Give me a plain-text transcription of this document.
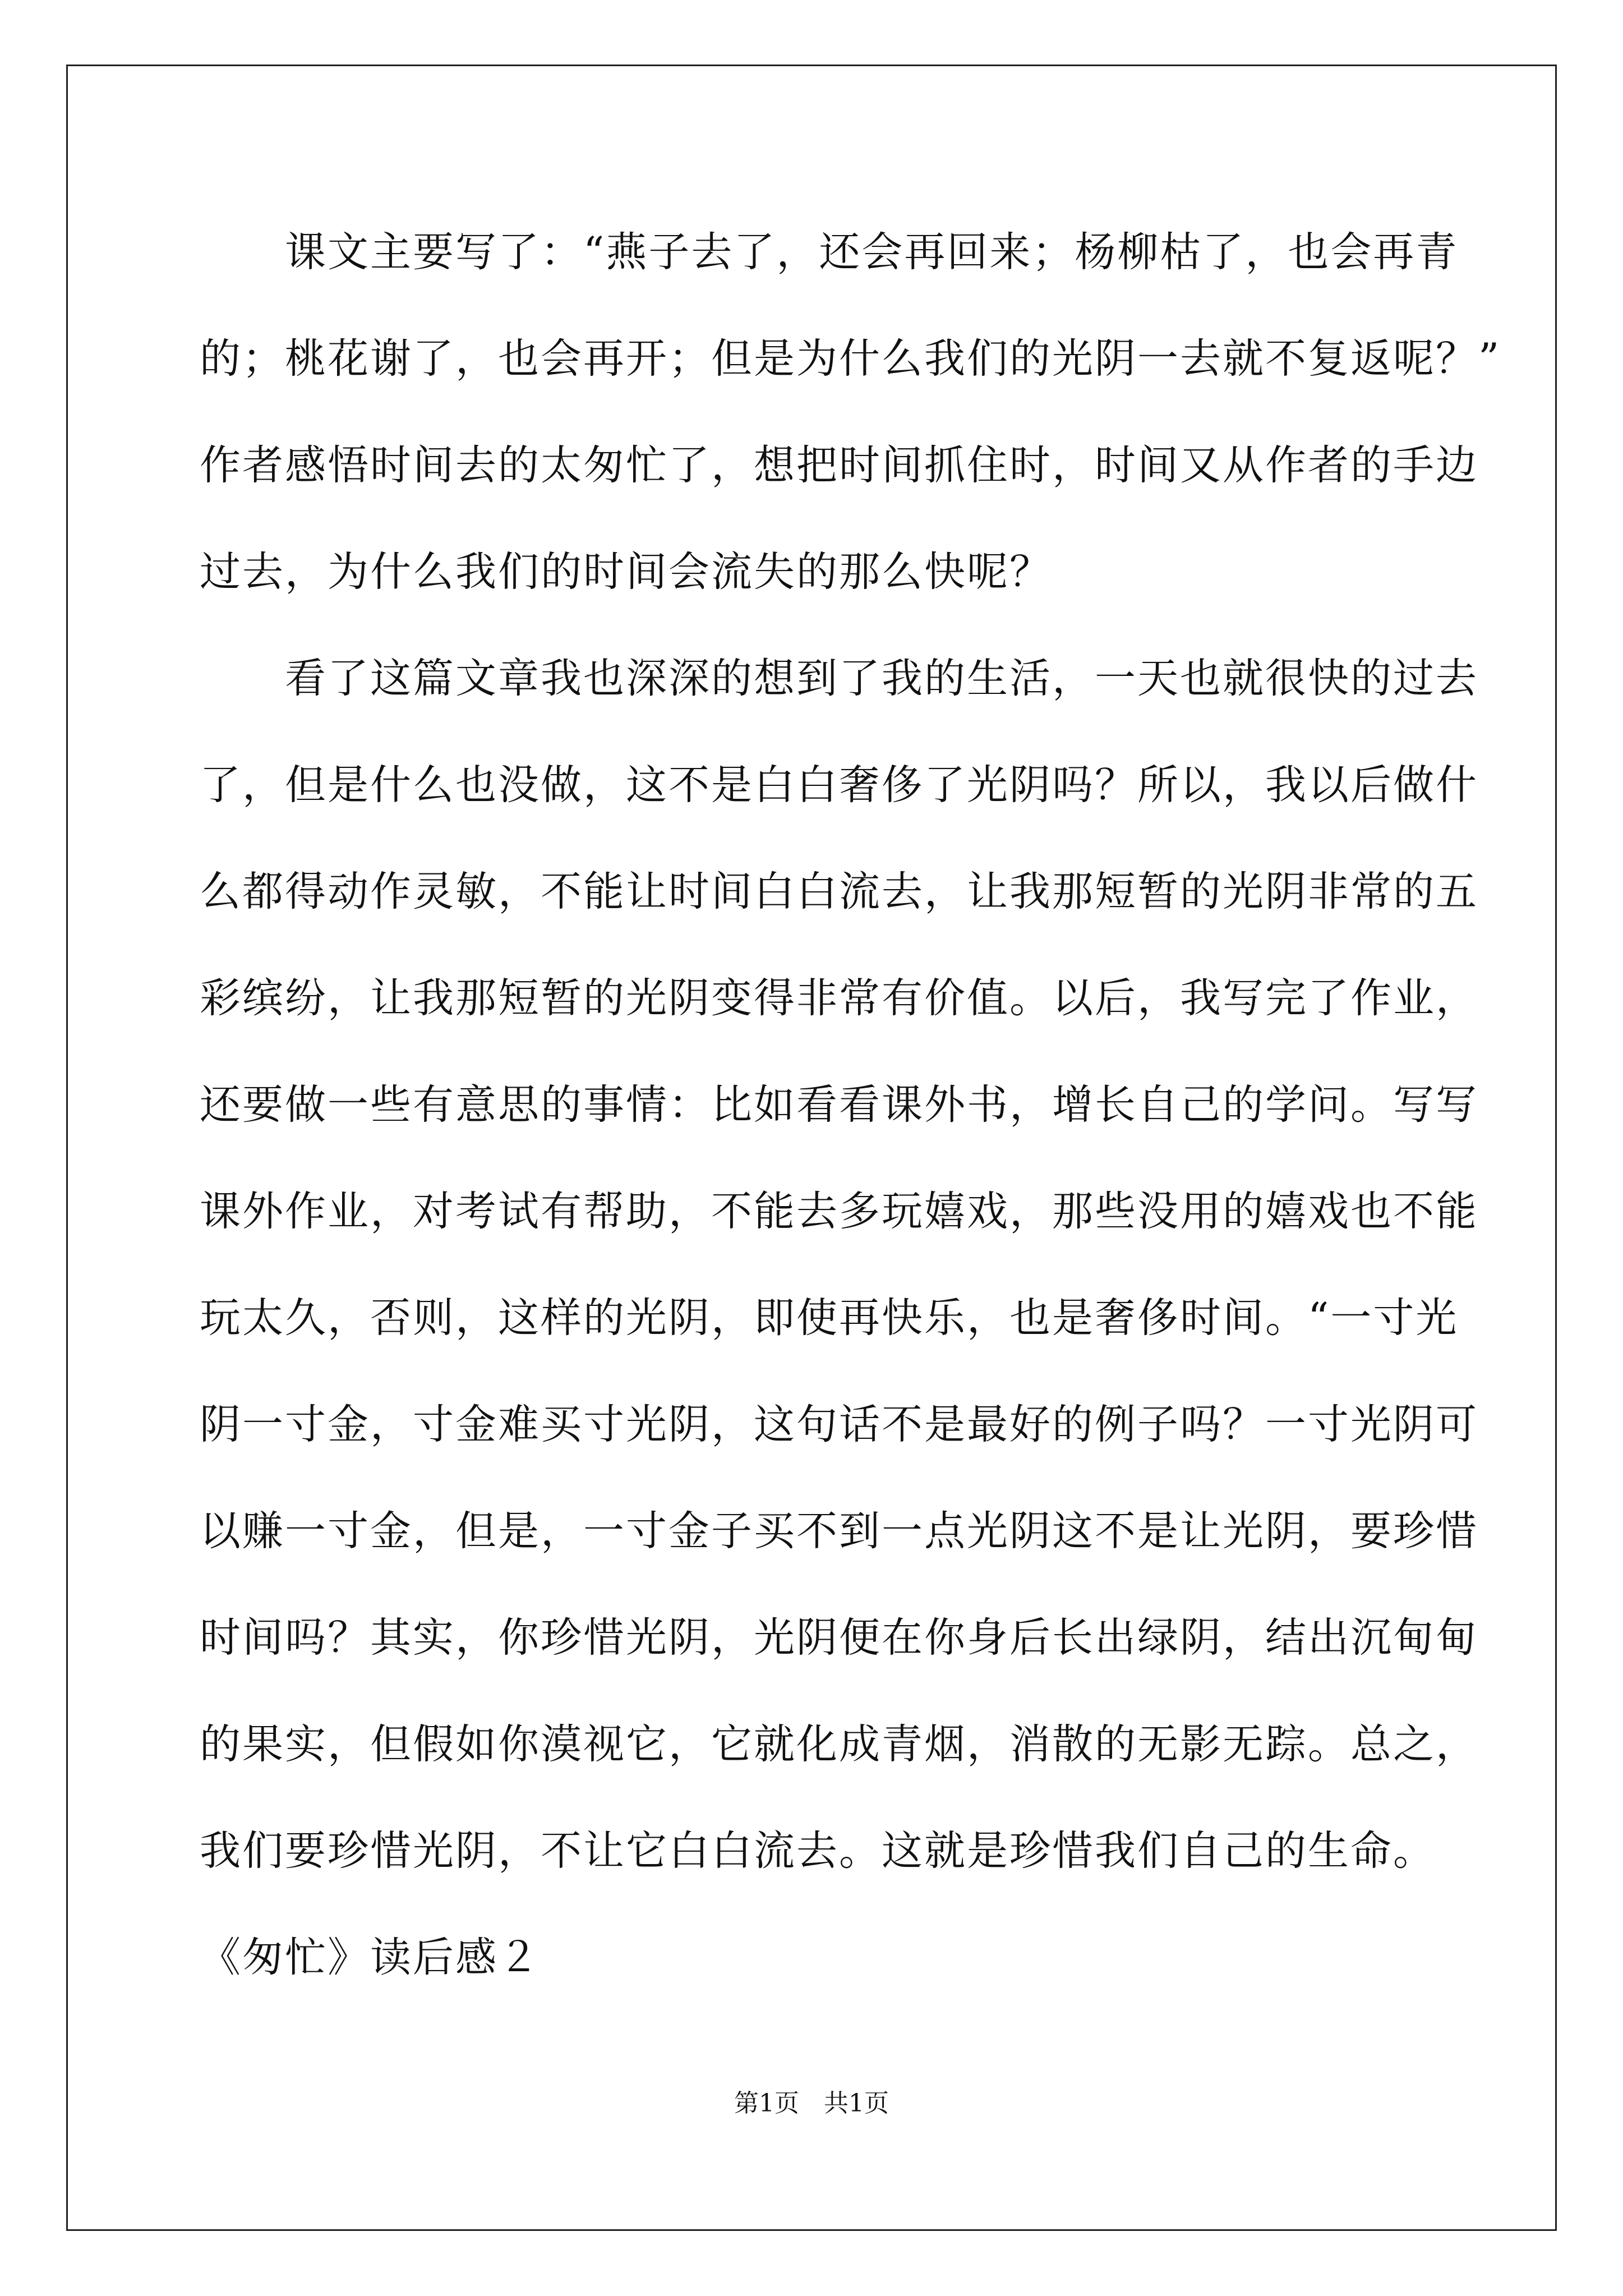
　　课文主要写了：“燕子去了，还会再回来；杨柳枯了，也会再青
的；桃花谢了，也会再开；但是为什么我们的光阴一去就不复返呢？”
作者感悟时间去的太匆忙了，想把时间抓住时，时间又从作者的手边
过去，为什么我们的时间会流失的那么快呢？
　　看了这篇文章我也深深的想到了我的生活，一天也就很快的过去
了，但是什么也没做，这不是白白奢侈了光阴吗？所以，我以后做什
么都得动作灵敏，不能让时间白白流去，让我那短暂的光阴非常的五
彩缤纷，让我那短暂的光阴变得非常有价值。以后，我写完了作业，
还要做一些有意思的事情：比如看看课外书，增长自己的学问。写写
课外作业，对考试有帮助，不能去多玩嬉戏，那些没用的嬉戏也不能
玩太久，否则，这样的光阴，即使再快乐，也是奢侈时间。“一寸光
阴一寸金，寸金难买寸光阴，这句话不是最好的例子吗？一寸光阴可
以赚一寸金，但是，一寸金子买不到一点光阴这不是让光阴，要珍惜
时间吗？其实，你珍惜光阴，光阴便在你身后长出绿阴，结出沉甸甸
的果实，但假如你漠视它，它就化成青烟，消散的无影无踪。总之，
我们要珍惜光阴，不让它白白流去。这就是珍惜我们自己的生命。
《匆忙》读后感２
第1页　共1页
